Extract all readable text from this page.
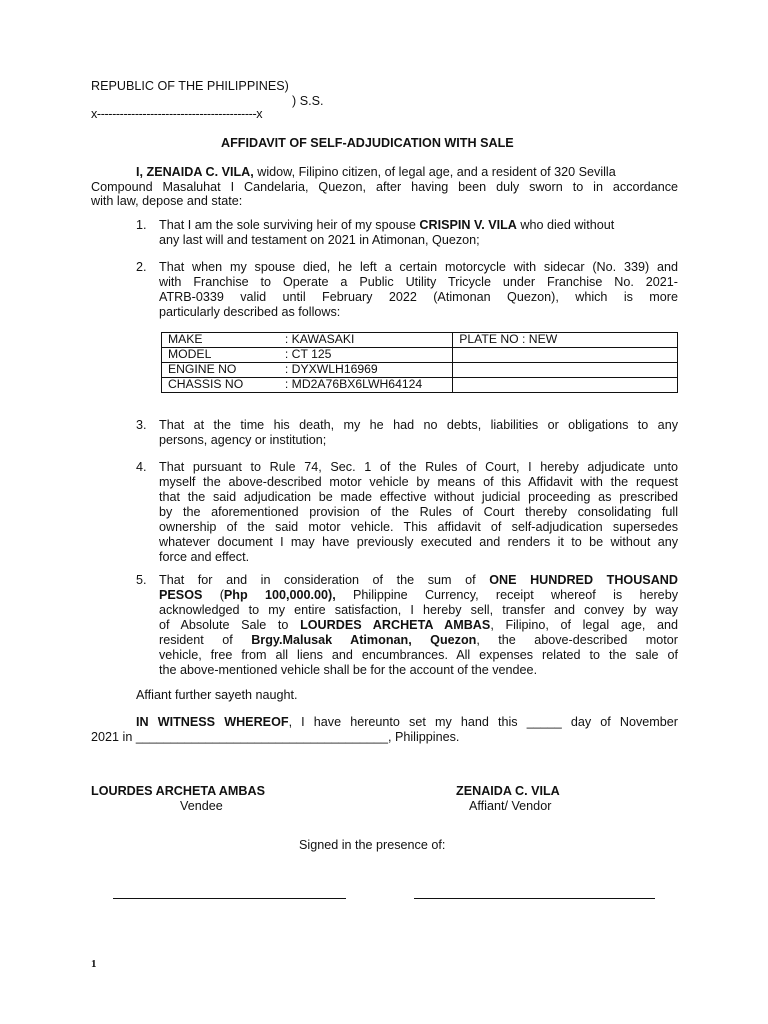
REPUBLIC OF THE PHILIPPINES)
) S.S.
x------------------------------------------x
AFFIDAVIT OF SELF-ADJUDICATION WITH SALE
I, ZENAIDA C. VILA, widow, Filipino citizen, of legal age, and a resident of 320 Sevilla
Compound Masaluhat I Candelaria, Quezon, after having been duly sworn to in accordance
with law, depose and state:
1. That I am the sole surviving heir of my spouse CRISPIN V. VILA who died without
any last will and testament on 2021 in Atimonan, Quezon;
2. That when my spouse died, he left a certain motorcycle with sidecar (No. 339) and
with Franchise to Operate a Public Utility Tricycle under Franchise No. 2021-
ATRB-0339 valid until February 2022 (Atimonan Quezon), which is more
particularly described as follows:
MAKE	: KAWASAKI	PLATE NO : NEW
MODEL	: CT 125	
ENGINE NO	: DYXWLH16969	
CHASSIS NO	: MD2A76BX6LWH64124	
3. That at the time his death, my he had no debts, liabilities or obligations to any
persons, agency or institution;
4. That pursuant to Rule 74, Sec. 1 of the Rules of Court, I hereby adjudicate unto
myself the above-described motor vehicle by means of this Affidavit with the request
that the said adjudication be made effective without judicial proceeding as prescribed
by the aforementioned provision of the Rules of Court thereby consolidating full
ownership of the said motor vehicle. This affidavit of self-adjudication supersedes
whatever document I may have previously executed and renders it to be without any
force and effect.
5. That for and in consideration of the sum of ONE HUNDRED THOUSAND
PESOS (Php 100,000.00), Philippine Currency, receipt whereof is hereby
acknowledged to my entire satisfaction, I hereby sell, transfer and convey by way
of Absolute Sale to LOURDES ARCHETA AMBAS, Filipino, of legal age, and
resident of Brgy.Malusak Atimonan, Quezon, the above-described motor
vehicle, free from all liens and encumbrances. All expenses related to the sale of
the above-mentioned vehicle shall be for the account of the vendee.
Affiant further sayeth naught.
IN WITNESS WHEREOF, I have hereunto set my hand this _____ day of November
2021 in ____________________________________, Philippines.
LOURDES ARCHETA AMBAS
Vendee
ZENAIDA C. VILA
Affiant/ Vendor
Signed in the presence of:
1
